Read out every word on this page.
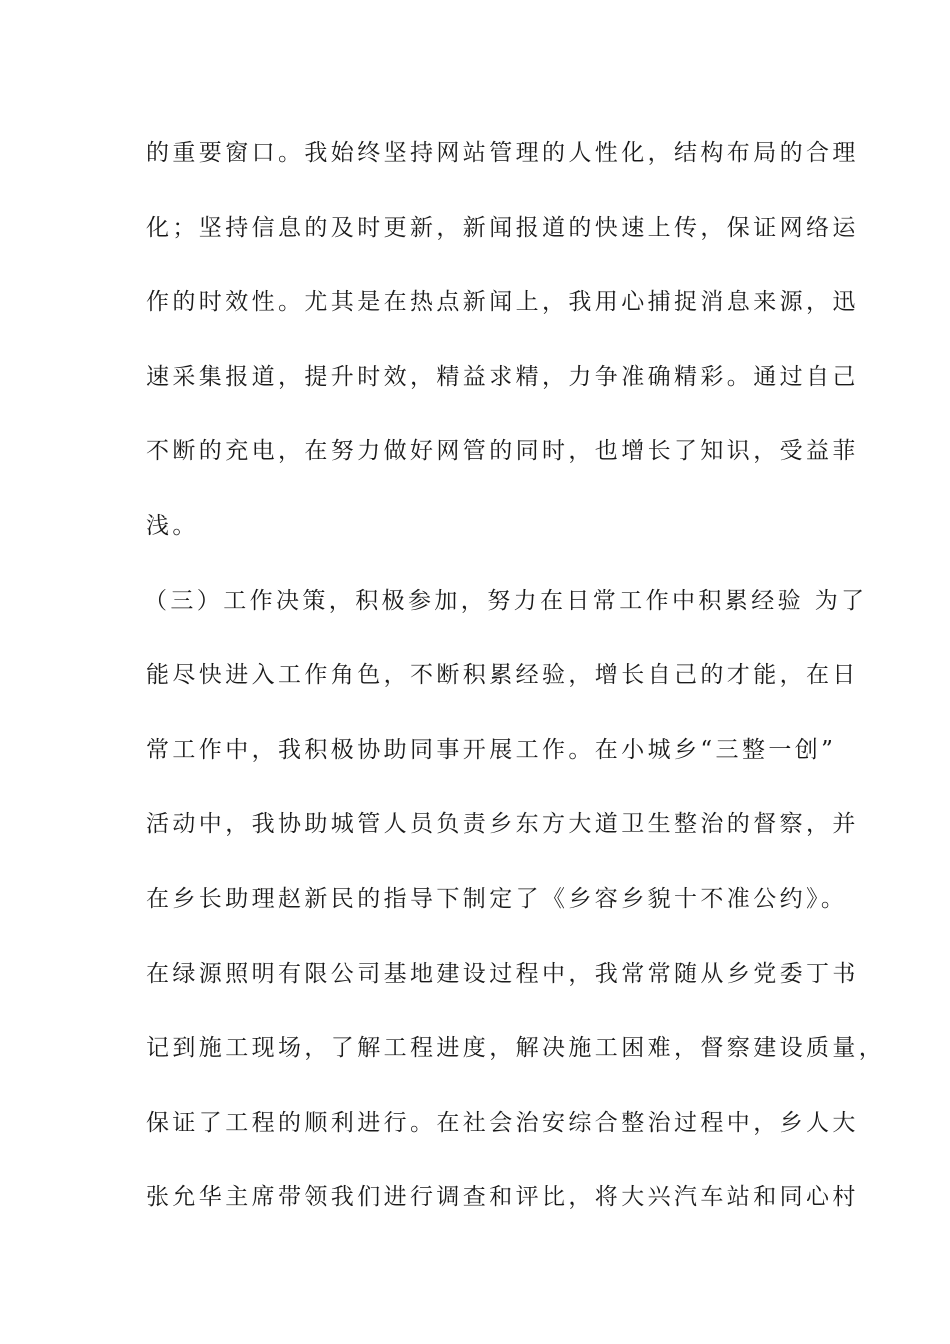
的重要窗口。我始终坚持网站管理的人性化，结构布局的合理
化；坚持信息的及时更新，新闻报道的快速上传，保证网络运
作的时效性。尤其是在热点新闻上，我用心捕捉消息来源，迅
速采集报道，提升时效，精益求精，力争准确精彩。通过自己
不断的充电，在努力做好网管的同时，也增长了知识，受益菲
浅。
（三）工作决策，积极参加，努力在日常工作中积累经验 为了
能尽快进入工作角色，不断积累经验，增长自己的才能，在日
常工作中，我积极协助同事开展工作。在小城乡“三整一创”
活动中，我协助城管人员负责乡东方大道卫生整治的督察，并
在乡长助理赵新民的指导下制定了《乡容乡貌十不准公约》。
在绿源照明有限公司基地建设过程中，我常常随从乡党委丁书
记到施工现场，了解工程进度，解决施工困难，督察建设质量，
保证了工程的顺利进行。在社会治安综合整治过程中，乡人大
张允华主席带领我们进行调查和评比，将大兴汽车站和同心村
